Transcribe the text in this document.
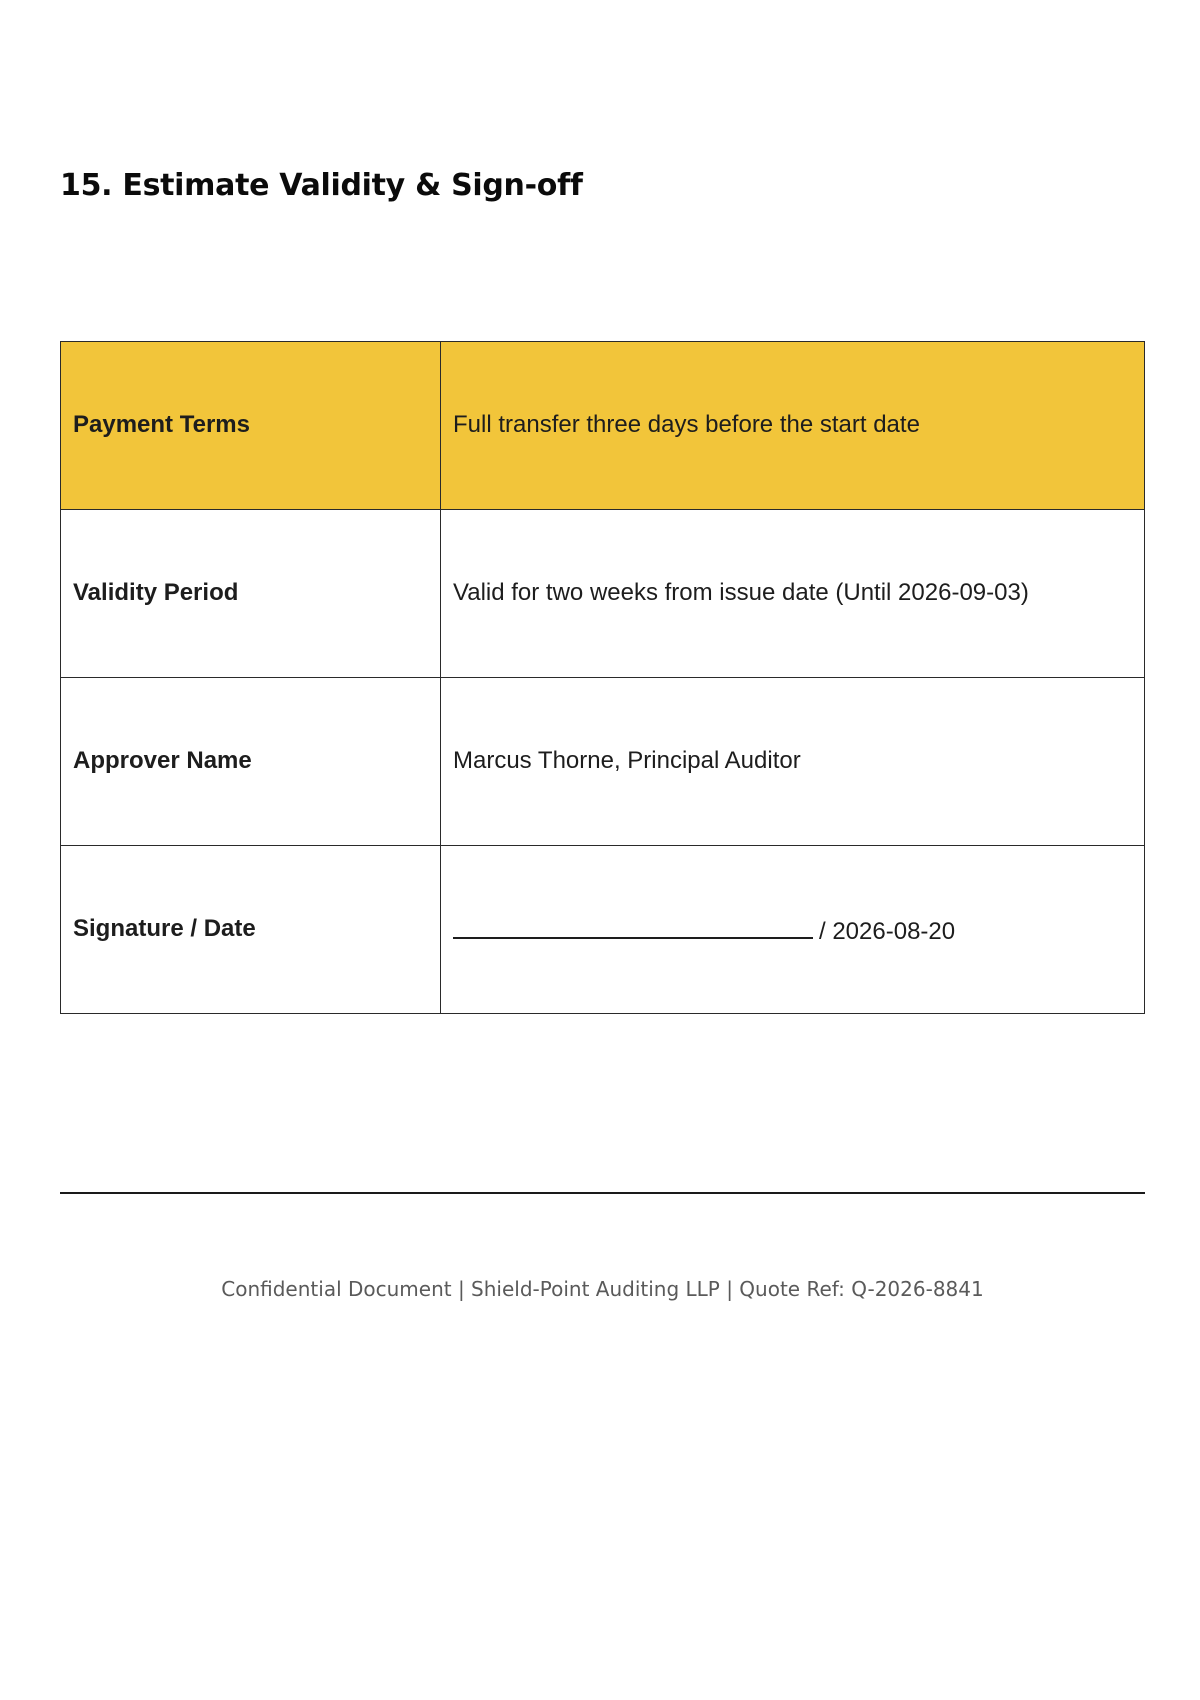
15. Estimate Validity & Sign-off
Payment Terms	Full transfer three days before the start date
Validity Period	Valid for two weeks from issue date (Until 2026-09-03)
Approver Name	Marcus Thorne, Principal Auditor
Signature / Date	/ 2026-08-20
Confidential Document | Shield-Point Auditing LLP | Quote Ref: Q-2026-8841
